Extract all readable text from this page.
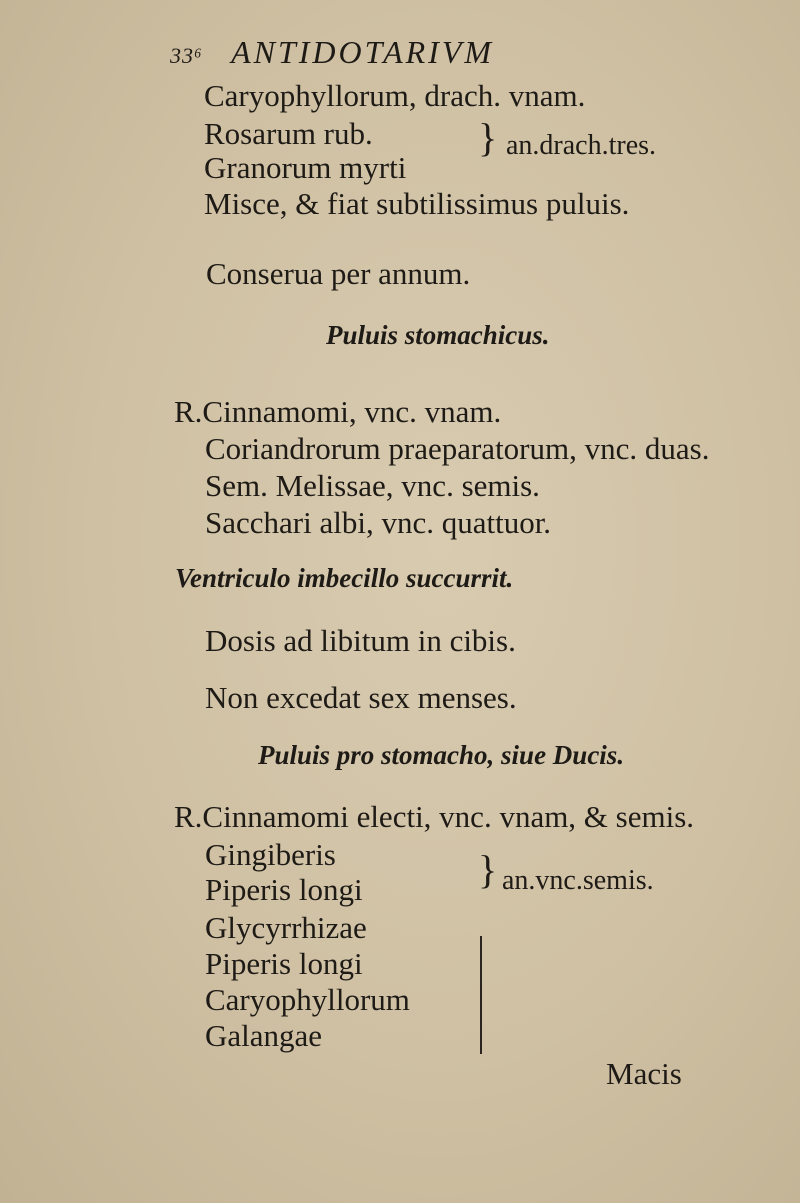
33⁶ ANTIDOTARIVM
Caryophyllorum, drach. vnam.
Rosarum rub.	} an.drach.tres.
Granorum myrti
Misce, & fiat subtilissimus puluis.
Conserua per annum.
Puluis stomachicus.
R.Cinnamomi, vnc. vnam.
Coriandrorum praeparatorum, vnc. duas.
Sem. Melissae, vnc. semis.
Sacchari albi, vnc. quattuor.
Ventriculo imbecillo succurrit.
Dosis ad libitum in cibis.
Non excedat sex menses.
Puluis pro stomacho, siue Ducis.
R.Cinnamomi electi, vnc. vnam, & semis.
Gingiberis
Piperis longi	} an.vnc.semis.
Glycyrrhizae
Piperis longi
Caryophyllorum
Galangae
Macis
